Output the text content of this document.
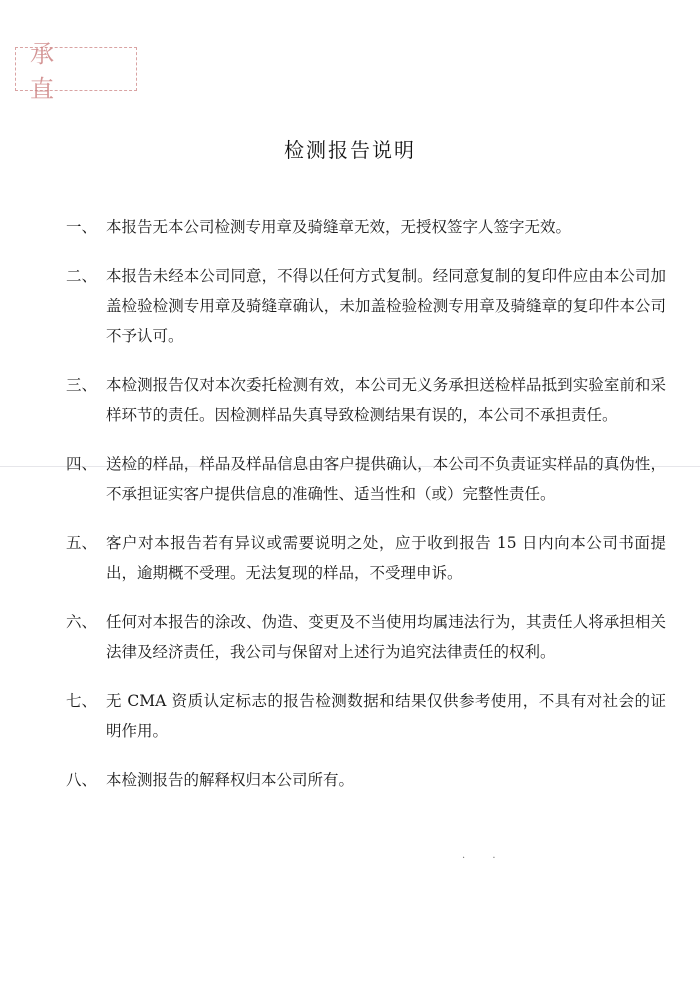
承 直
检测报告说明
一、 本报告无本公司检测专用章及骑缝章无效，无授权签字人签字无效。
二、 本报告未经本公司同意，不得以任何方式复制。经同意复制的复印件应由本公司加盖检验检测专用章及骑缝章确认，未加盖检验检测专用章及骑缝章的复印件本公司不予认可。
三、 本检测报告仅对本次委托检测有效，本公司无义务承担送检样品抵到实验室前和采样环节的责任。因检测样品失真导致检测结果有误的，本公司不承担责任。
四、 送检的样品，样品及样品信息由客户提供确认，本公司不负责证实样品的真伪性，不承担证实客户提供信息的准确性、适当性和（或）完整性责任。
五、 客户对本报告若有异议或需要说明之处，应于收到报告 15 日内向本公司书面提出，逾期概不受理。无法复现的样品，不受理申诉。
六、 任何对本报告的涂改、伪造、变更及不当使用均属违法行为，其责任人将承担相关法律及经济责任，我公司与保留对上述行为追究法律责任的权利。
七、 无 CMA 资质认定标志的报告检测数据和结果仅供参考使用，不具有对社会的证明作用。
八、 本检测报告的解释权归本公司所有。
· ·
